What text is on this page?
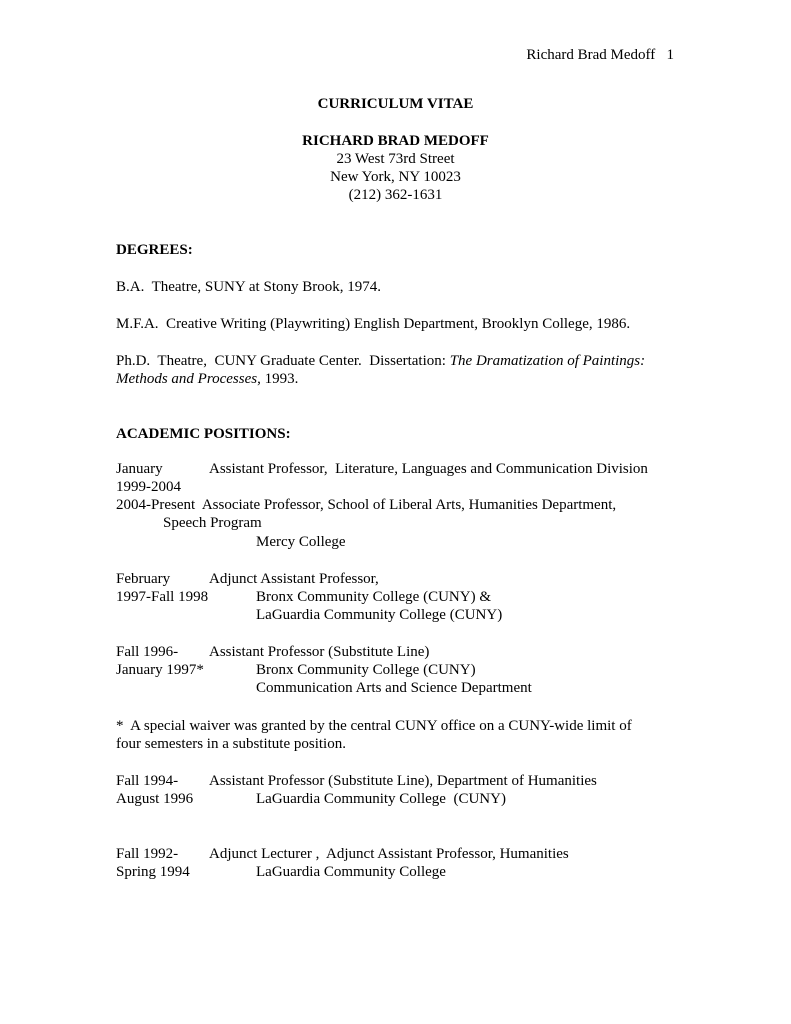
Richard Brad Medoff   1
CURRICULUM VITAE
RICHARD BRAD MEDOFF
23 West 73rd Street
New York, NY 10023
(212) 362-1631
DEGREES:
B.A.  Theatre, SUNY at Stony Brook, 1974.
M.F.A.  Creative Writing (Playwriting) English Department, Brooklyn College, 1986.
Ph.D.  Theatre,  CUNY Graduate Center.  Dissertation: The Dramatization of Paintings:
Methods and Processes, 1993.
ACADEMIC POSITIONS:
January	Assistant Professor,  Literature, Languages and Communication Division
1999-2004
2004-Present  Associate Professor, School of Liberal Arts, Humanities Department,
Speech Program
Mercy College
February	Adjunct Assistant Professor,
1997-Fall 1998	Bronx Community College (CUNY) &
LaGuardia Community College (CUNY)
Fall 1996- Assistant Professor (Substitute Line)
January 1997*	Bronx Community College (CUNY)
Communication Arts and Science Department
*  A special waiver was granted by the central CUNY office on a CUNY-wide limit of
four semesters in a substitute position.
Fall 1994- Assistant Professor (Substitute Line), Department of Humanities
August 1996	LaGuardia Community College  (CUNY)
Fall 1992- Adjunct Lecturer ,  Adjunct Assistant Professor, Humanities
Spring 1994	LaGuardia Community College
